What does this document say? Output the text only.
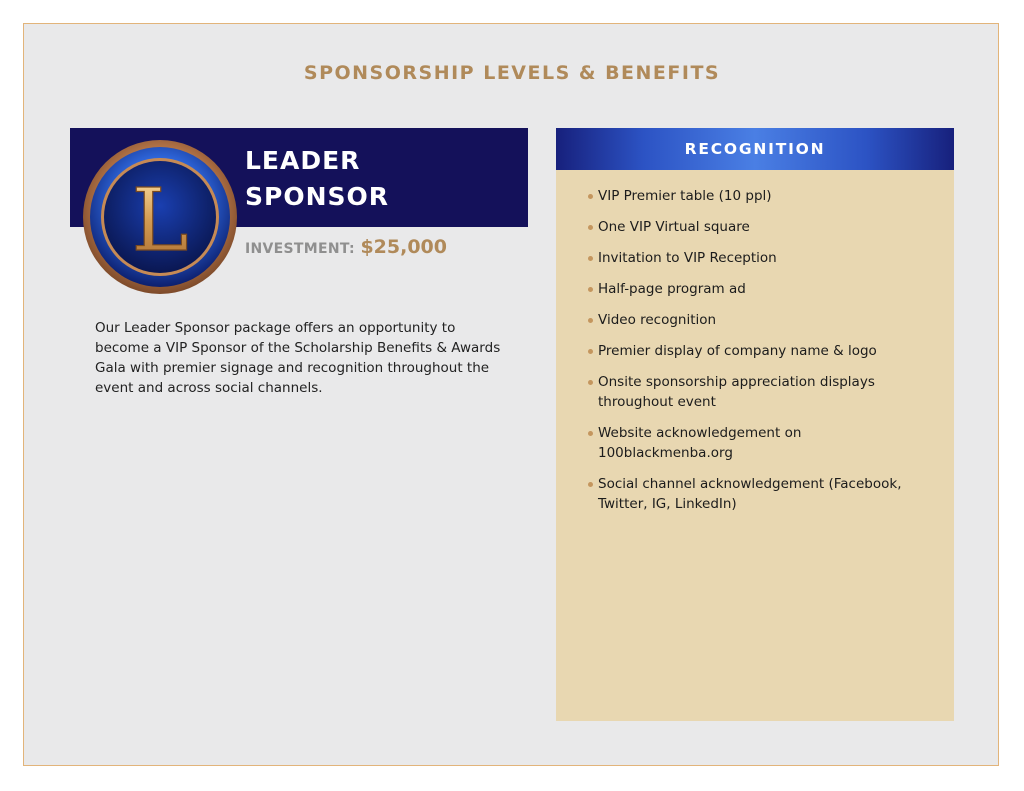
SPONSORSHIP LEVELS & BENEFITS
L
LEADER
SPONSOR
INVESTMENT: $25,000
Our Leader Sponsor package offers an opportunity to become a VIP Sponsor of the Scholarship Benefits & Awards Gala with premier signage and recognition throughout the event and across social channels.
RECOGNITION
VIP Premier table (10 ppl)
One VIP Virtual square
Invitation to VIP Reception
Half-page program ad
Video recognition
Premier display of company name & logo
Onsite sponsorship appreciation displays throughout event
Website acknowledgement on 100blackmenba.org
Social channel acknowledgement (Facebook, Twitter, IG, LinkedIn)
